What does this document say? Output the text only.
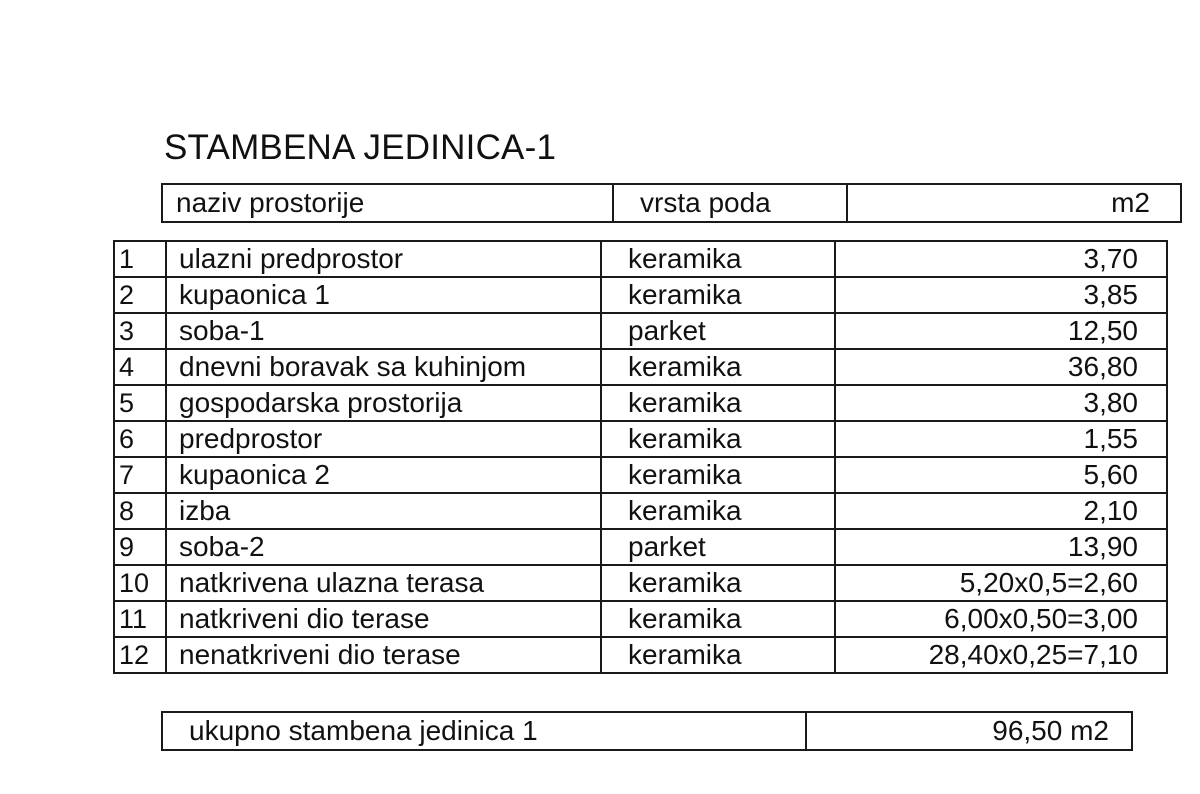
STAMBENA JEDINICA-1
naziv prostorije	vrsta poda	m2
1	ulazni predprostor	keramika	3,70
2	kupaonica 1	keramika	3,85
3	soba-1	parket	12,50
4	dnevni boravak sa kuhinjom	keramika	36,80
5	gospodarska prostorija	keramika	3,80
6	predprostor	keramika	1,55
7	kupaonica 2	keramika	5,60
8	izba	keramika	2,10
9	soba-2	parket	13,90
10	natkrivena ulazna terasa	keramika	5,20x0,5=2,60
11	natkriveni dio terase	keramika	6,00x0,50=3,00
12	nenatkriveni dio terase	keramika	28,40x0,25=7,10
ukupno stambena jedinica 1	96,50 m2
